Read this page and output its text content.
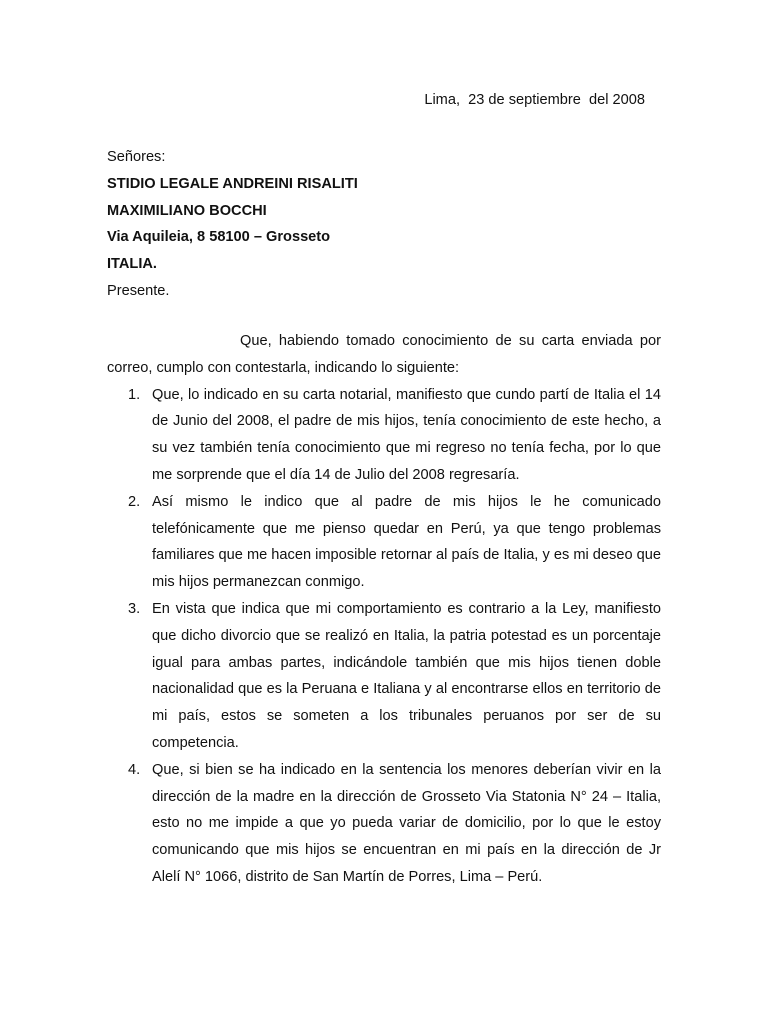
Lima,  23 de septiembre  del 2008
Señores:
STIDIO LEGALE ANDREINI RISALITI
MAXIMILIANO BOCCHI
Via Aquileia, 8 58100 – Grosseto
ITALIA.
Presente.

Que, habiendo tomado conocimiento de su carta enviada por correo, cumplo con contestarla, indicando lo siguiente:

1. Que, lo indicado en su carta notarial, manifiesto que cundo partí de Italia el 14 de Junio del 2008, el padre de mis hijos, tenía conocimiento de este hecho, a su vez también tenía conocimiento que mi regreso no tenía fecha, por lo que me sorprende que el día 14 de Julio del 2008 regresaría.
2. Así mismo le indico que al padre de mis hijos le he comunicado telefónicamente que me pienso quedar en Perú, ya que tengo problemas familiares que me hacen imposible retornar al país de Italia, y es mi deseo que mis hijos permanezcan conmigo.
3. En vista que indica que mi comportamiento es contrario a la Ley, manifiesto que dicho divorcio que se realizó en Italia, la patria potestad es un porcentaje igual para ambas partes, indicándole también que mis hijos tienen doble nacionalidad que es la Peruana e Italiana y al encontrarse ellos en territorio de mi país, estos se someten a los tribunales peruanos por ser de su competencia.
4. Que, si bien se ha indicado en la sentencia los menores deberían vivir en la dirección de la madre en la dirección de Grosseto Via Statonia N° 24 – Italia, esto no me impide a que yo pueda variar de domicilio, por lo que le estoy comunicando que mis hijos se encuentran en mi país en la dirección de Jr Alelí N° 1066, distrito de San Martín de Porres, Lima – Perú.
